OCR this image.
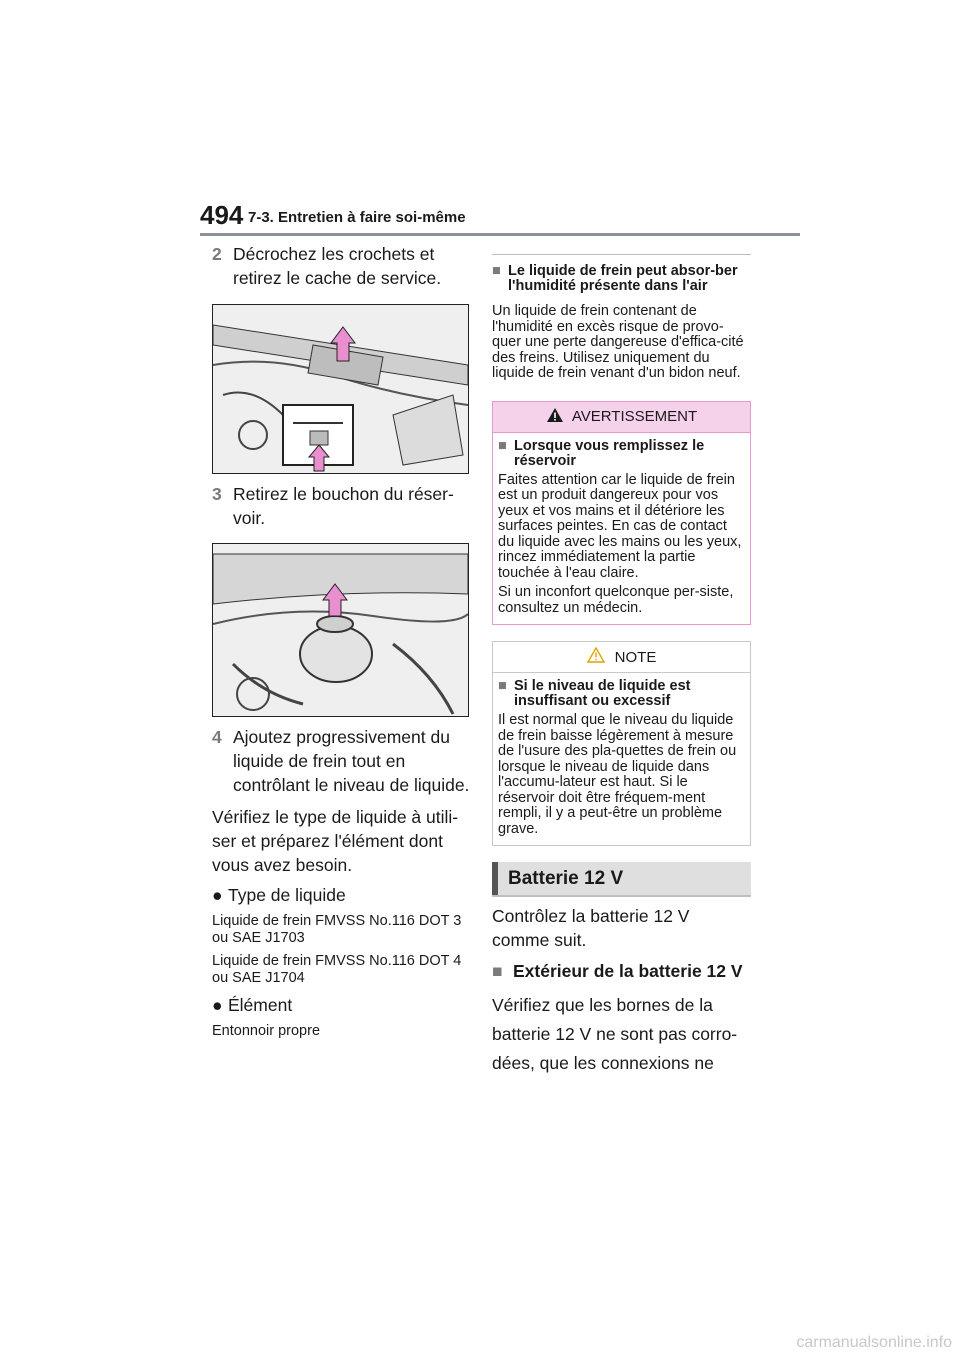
494 7-3. Entretien à faire soi-même
2 Décrochez les crochets et retirez le cache de service.
3 Retirez le bouchon du réser-voir.
4 Ajoutez progressivement du liquide de frein tout en contrôlant le niveau de liquide.
Vérifiez le type de liquide à utili-ser et préparez l'élément dont vous avez besoin.
● Type de liquide
Liquide de frein FMVSS No.116 DOT 3 ou SAE J1703
Liquide de frein FMVSS No.116 DOT 4 ou SAE J1704
● Élément
Entonnoir propre
■ Le liquide de frein peut absor-ber l'humidité présente dans l'air
Un liquide de frein contenant de l'humidité en excès risque de provo-quer une perte dangereuse d'effica-cité des freins. Utilisez uniquement du liquide de frein venant d'un bidon neuf.
AVERTISSEMENT
■ Lorsque vous remplissez le réservoir

Faites attention car le liquide de frein est un produit dangereux pour vos yeux et vos mains et il détériore les surfaces peintes. En cas de contact du liquide avec les mains ou les yeux, rincez immédiatement la partie touchée à l'eau claire.

Si un inconfort quelconque per-siste, consultez un médecin.

NOTE
■ Si le niveau de liquide est insuffisant ou excessif

Il est normal que le niveau du liquide de frein baisse légèrement à mesure de l'usure des pla-quettes de frein ou lorsque le niveau de liquide dans l'accumu-lateur est haut. Si le réservoir doit être fréquem-ment rempli, il y a peut-être un problème grave.

Batterie 12 V
Contrôlez la batterie 12 V comme suit.
■ Extérieur de la batterie 12 V
Vérifiez que les bornes de la batterie 12 V ne sont pas corro-dées, que les connexions ne
carmanualsonline.info
